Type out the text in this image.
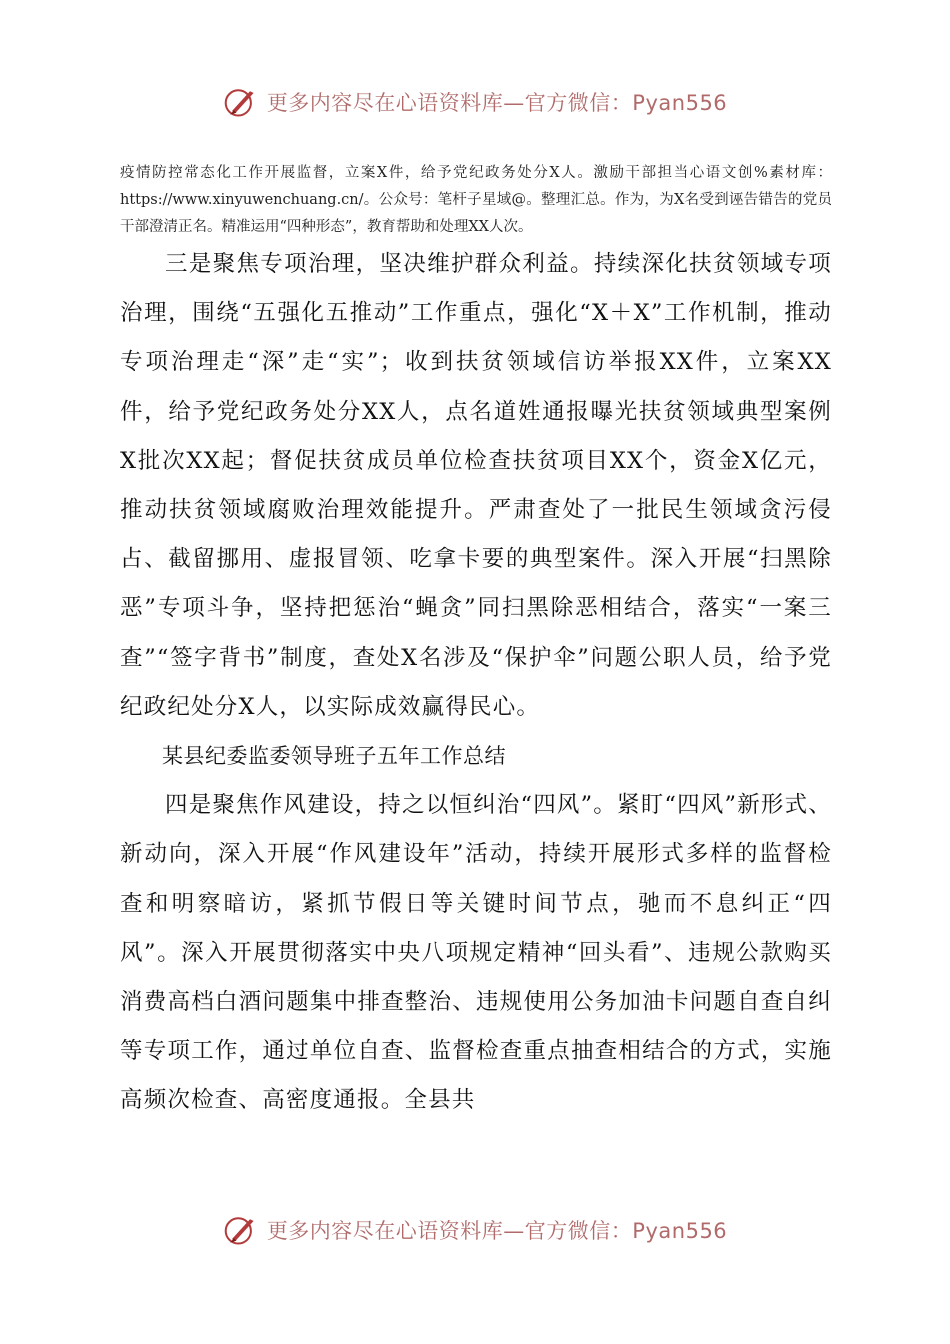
更多内容尽在心语资料库—官方微信：Pyan556
疫情防控常态化工作开展监督，立案X件，给予党纪政务处分X人。激励干部担当心语文创%素材库：https://www.xinyuwenchuang.cn/。公众号：笔杆子星域@。整理汇总。作为，为X名受到诬告错告的党员干部澄清正名。精准运用“四种形态”，教育帮助和处理XX人次。

三是聚焦专项治理，坚决维护群众利益。持续深化扶贫领域专项治理，围绕“五强化五推动”工作重点，强化“X＋X”工作机制，推动专项治理走“深”走“实”；收到扶贫领域信访举报XX件，立案XX件，给予党纪政务处分XX人，点名道姓通报曝光扶贫领域典型案例X批次XX起；督促扶贫成员单位检查扶贫项目XX个，资金X亿元，推动扶贫领域腐败治理效能提升。严肃查处了一批民生领域贪污侵占、截留挪用、虚报冒领、吃拿卡要的典型案件。深入开展“扫黑除恶”专项斗争，坚持把惩治“蝇贪”同扫黑除恶相结合，落实“一案三查”“签字背书”制度，查处X名涉及“保护伞”问题公职人员，给予党纪政纪处分X人，以实际成效赢得民心。

某县纪委监委领导班子五年工作总结

四是聚焦作风建设，持之以恒纠治“四风”。紧盯“四风”新形式、新动向，深入开展“作风建设年”活动，持续开展形式多样的监督检查和明察暗访，紧抓节假日等关键时间节点，驰而不息纠正“四风”。深入开展贯彻落实中央八项规定精神“回头看”、违规公款购买消费高档白酒问题集中排查整治、违规使用公务加油卡问题自查自纠等专项工作，通过单位自查、监督检查重点抽查相结合的方式，实施高频次检查、高密度通报。全县共

更多内容尽在心语资料库—官方微信：Pyan556
